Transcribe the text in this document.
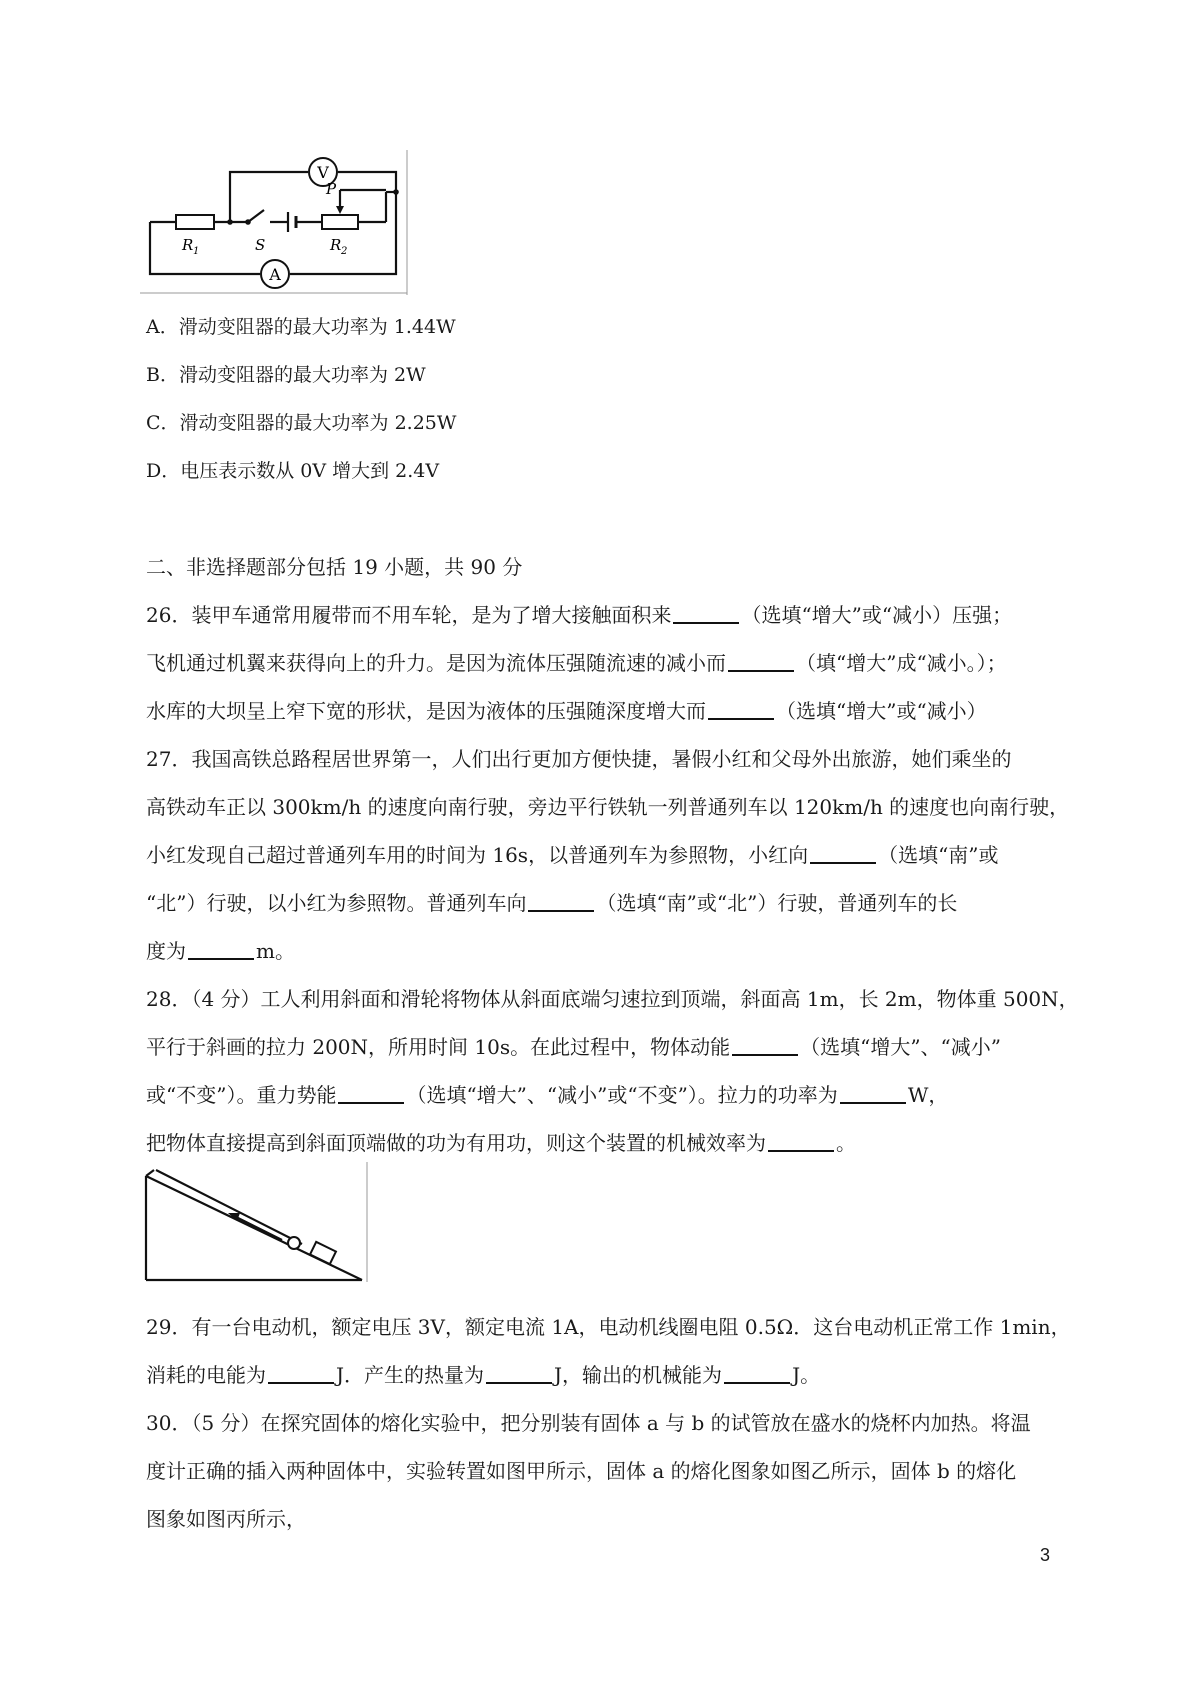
V
A
R 1	S	R 2
P
A．滑动变阻器的最大功率为 1.44W
B．滑动变阻器的最大功率为 2W
C．滑动变阻器的最大功率为 2.25W
D．电压表示数从 0V 增大到 2.4V
二、非选择题部分包括 19 小题，共 90 分
26．装甲车通常用履带而不用车轮，是为了增大接触面积来	（选填“增大”或“减小）压强；
飞机通过机翼来获得向上的升力。是因为流体压强随流速的减小而	（填“增大”成“减小。）；
水库的大坝呈上窄下宽的形状，是因为液体的压强随深度增大而	（选填“增大”或“减小）
27．我国高铁总路程居世界第一，人们出行更加方便快捷，暑假小红和父母外出旅游，她们乘坐的
高铁动车正以 300km/h 的速度向南行驶，旁边平行铁轨一列普通列车以 120km/h 的速度也向南行驶，
小红发现自己超过普通列车用的时间为 16s，以普通列车为参照物，小红向	（选填“南”或
“北”）行驶，以小红为参照物。普通列车向	（选填“南”或“北”）行驶，普通列车的长
度为	m。
28．（4 分）工人利用斜面和滑轮将物体从斜面底端匀速拉到顶端，斜面高 1m，长 2m，物体重 500N，
平行于斜画的拉力 200N，所用时间 10s。在此过程中，物体动能	（选填“增大”、“减小”
或“不变”）。重力势能	（选填“增大”、“减小”或“不变”）。拉力的功率为	W，
把物体直接提高到斜面顶端做的功为有用功，则这个装置的机械效率为	。
29．有一台电动机，额定电压 3V，额定电流 1A，电动机线圈电阻 0.5Ω．这台电动机正常工作 1min，
消耗的电能为	J．产生的热量为	J，输出的机械能为	J。
30．（5 分）在探究固体的熔化实验中，把分别装有固体 a 与 b 的试管放在盛水的烧杯内加热。将温
度计正确的插入两种固体中，实验转置如图甲所示，固体 a 的熔化图象如图乙所示，固体 b 的熔化
图象如图丙所示，
3
